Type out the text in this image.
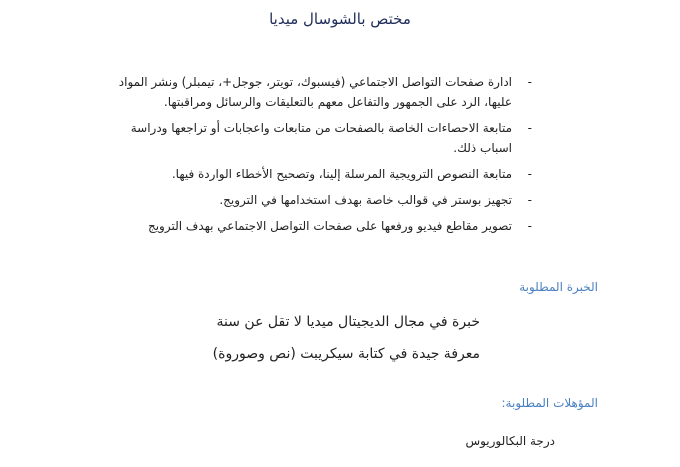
مختص بالشوسال ميديا
-
ادارة صفحات التواصل الاجتماعي (فيسبوك، تويتر، جوجل+، تيمبلر) ونشر المواد عليها، الرد على الجمهور والتفاعل معهم بالتعليقات والرسائل ومراقبتها.
-
متابعة الاحصاءات الخاصة بالصفحات من متابعات واعجابات أو تراجعها ودراسة اسباب ذلك.
-
متابعة النصوص الترويجية المرسلة إلينا، وتصحيح الأخطاء الواردة فيها.
-
تجهيز بوستر في قوالب خاصة بهدف استخدامها في الترويج.
-
تصوير مقاطع فيديو ورفعها على صفحات التواصل الاجتماعي بهدف الترويج
الخبرة المطلوبة
خبرة في مجال الديجيتال ميديا لا تقل عن سنة
معرفة جيدة في كتابة سيكريبت (نص وصوروة)
المؤهلات المطلوبة:
درجة البكالوريوس
